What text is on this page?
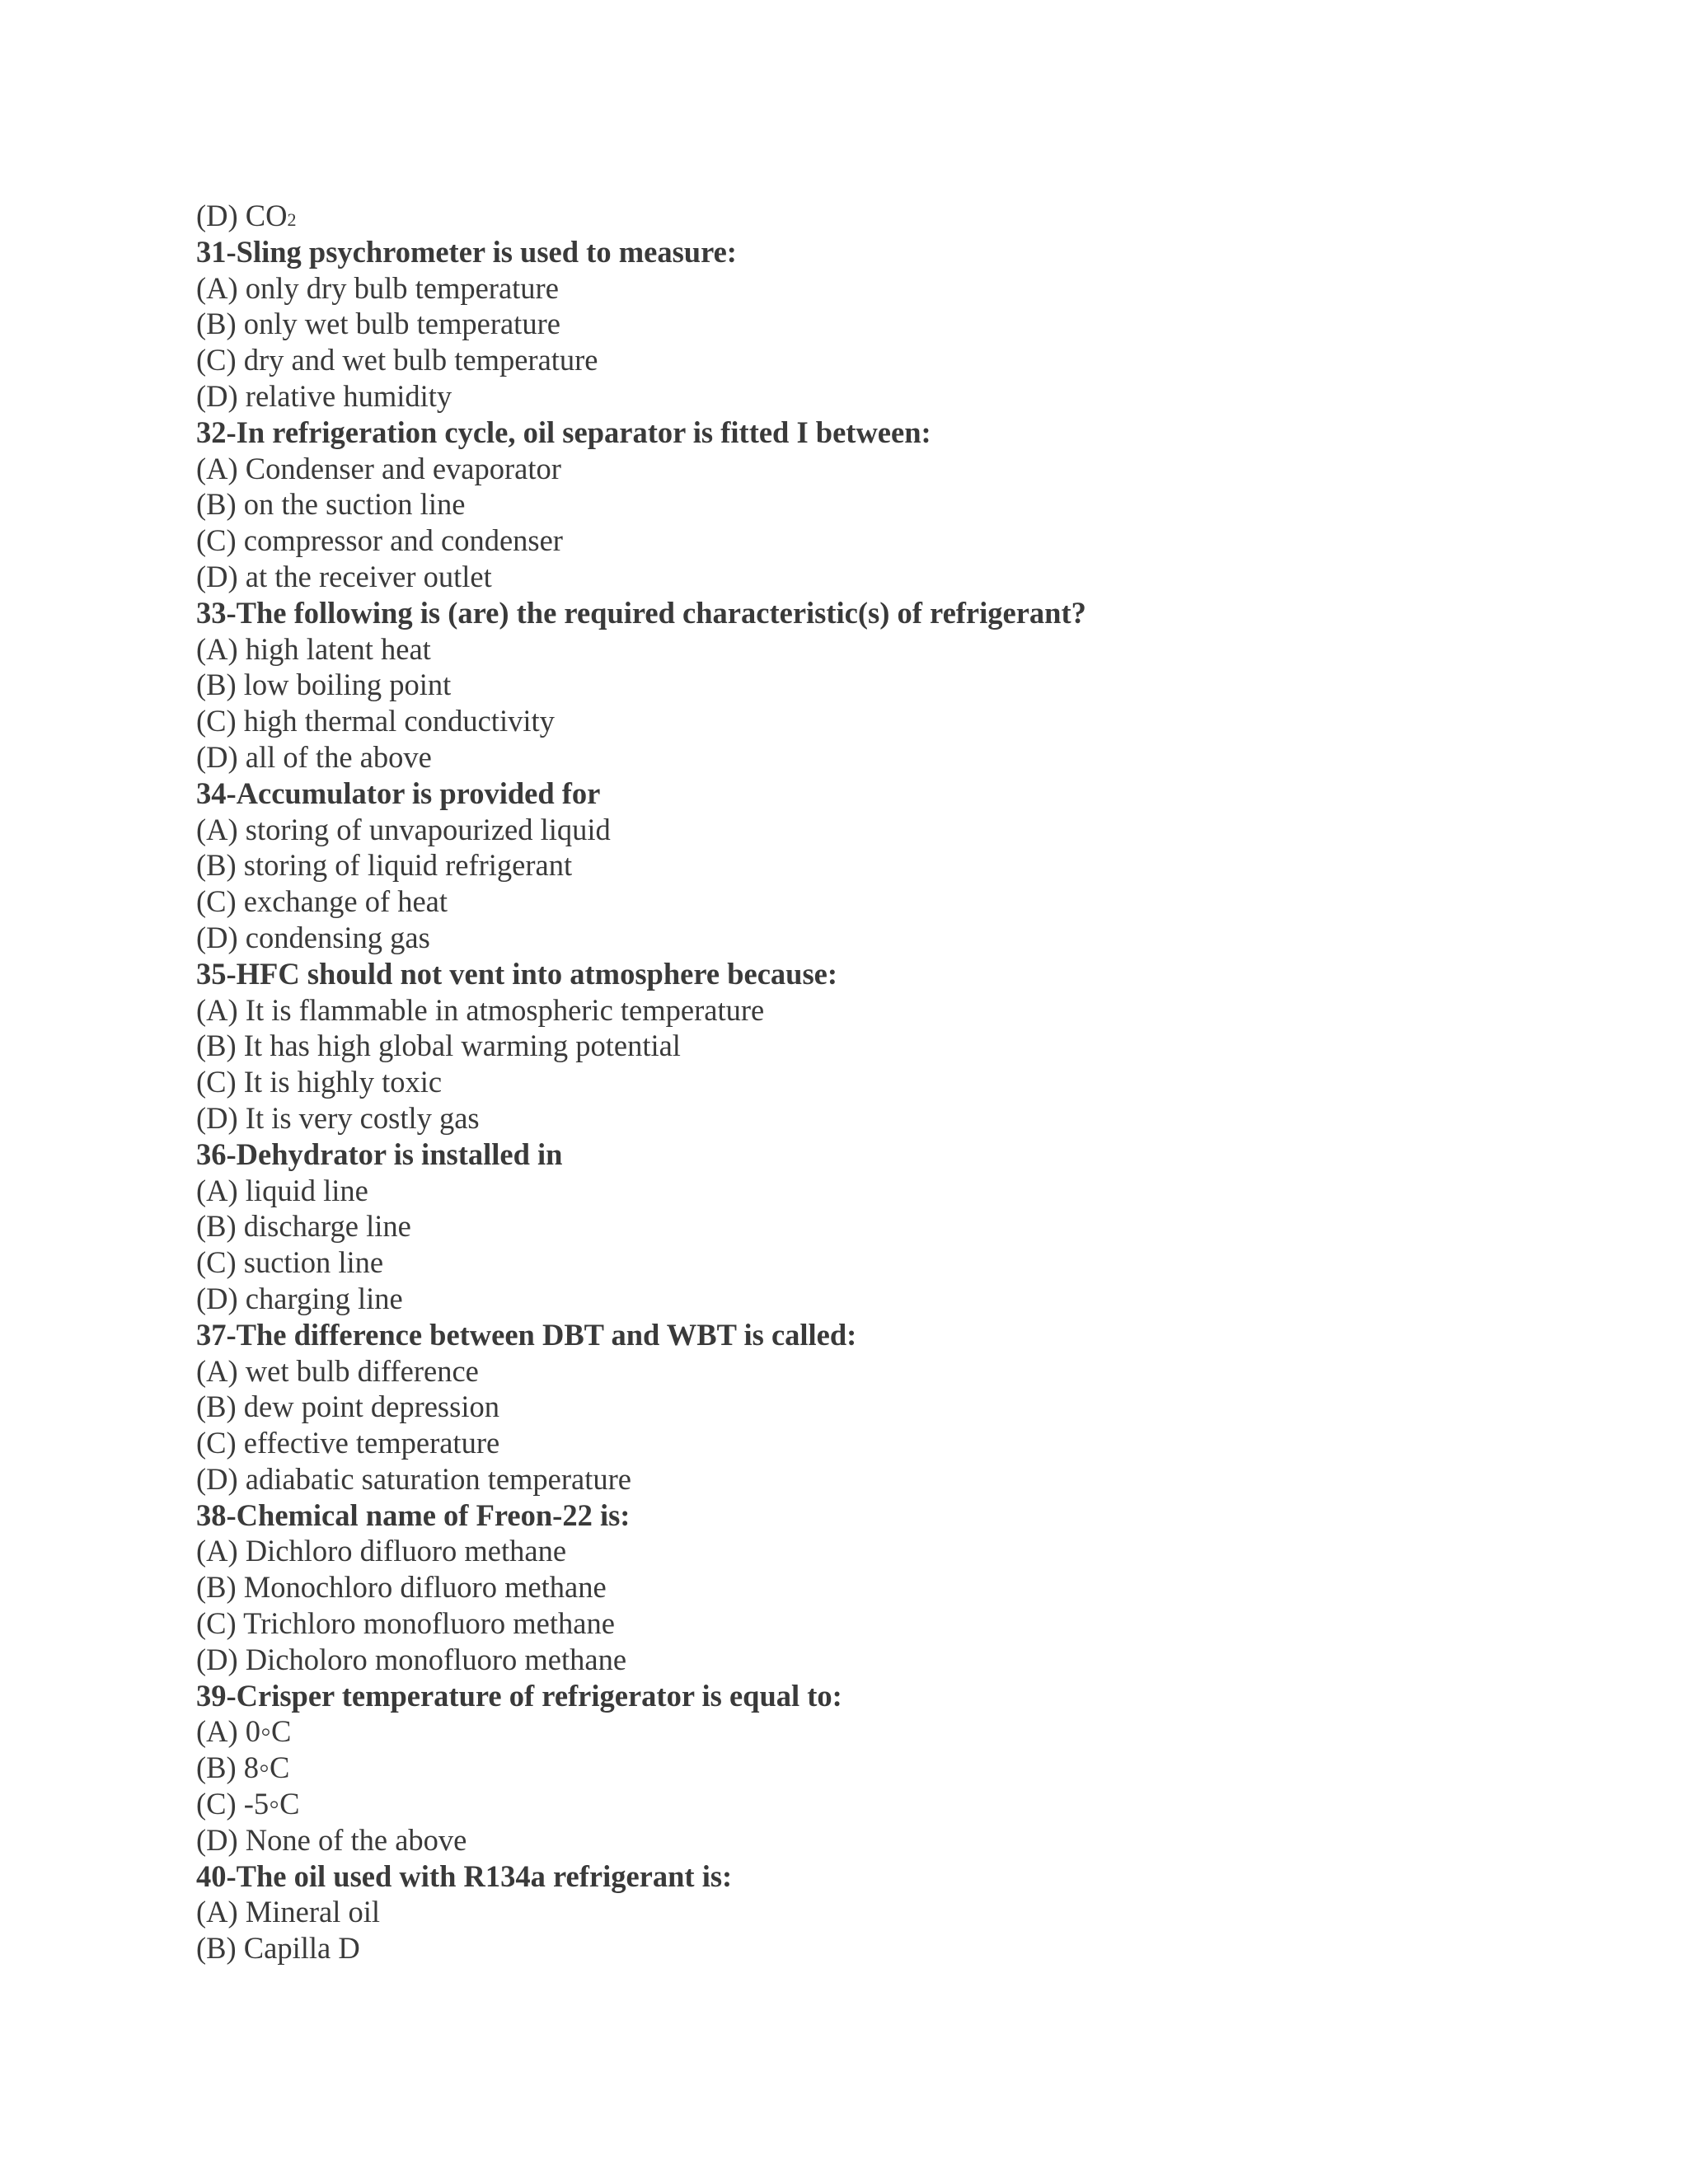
(D) CO2
31-Sling psychrometer is used to measure:
(A) only dry bulb temperature
(B) only wet bulb temperature
(C) dry and wet bulb temperature
(D) relative humidity
32-In refrigeration cycle, oil separator is fitted I between:
(A) Condenser and evaporator
(B) on the suction line
(C) compressor and condenser
(D) at the receiver outlet
33-The following is (are) the required characteristic(s) of refrigerant?
(A) high latent heat
(B) low boiling point
(C) high thermal conductivity
(D) all of the above
34-Accumulator is provided for
(A) storing of unvapourized liquid
(B) storing of liquid refrigerant
(C) exchange of heat
(D) condensing gas
35-HFC should not vent into atmosphere because:
(A) It is flammable in atmospheric temperature
(B) It has high global warming potential
(C) It is highly toxic
(D) It is very costly gas
36-Dehydrator is installed in
(A) liquid line
(B) discharge line
(C) suction line
(D) charging line
37-The difference between DBT and WBT is called:
(A) wet bulb difference
(B) dew point depression
(C) effective temperature
(D) adiabatic saturation temperature
38-Chemical name of Freon-22 is:
(A) Dichloro difluoro methane
(B) Monochloro difluoro methane
(C) Trichloro monofluoro methane
(D) Dicholoro monofluoro methane
39-Crisper temperature of refrigerator is equal to:
(A) 0◦C
(B) 8◦C
(C) -5◦C
(D) None of the above
40-The oil used with R134a refrigerant is:
(A) Mineral oil
(B) Capilla D
